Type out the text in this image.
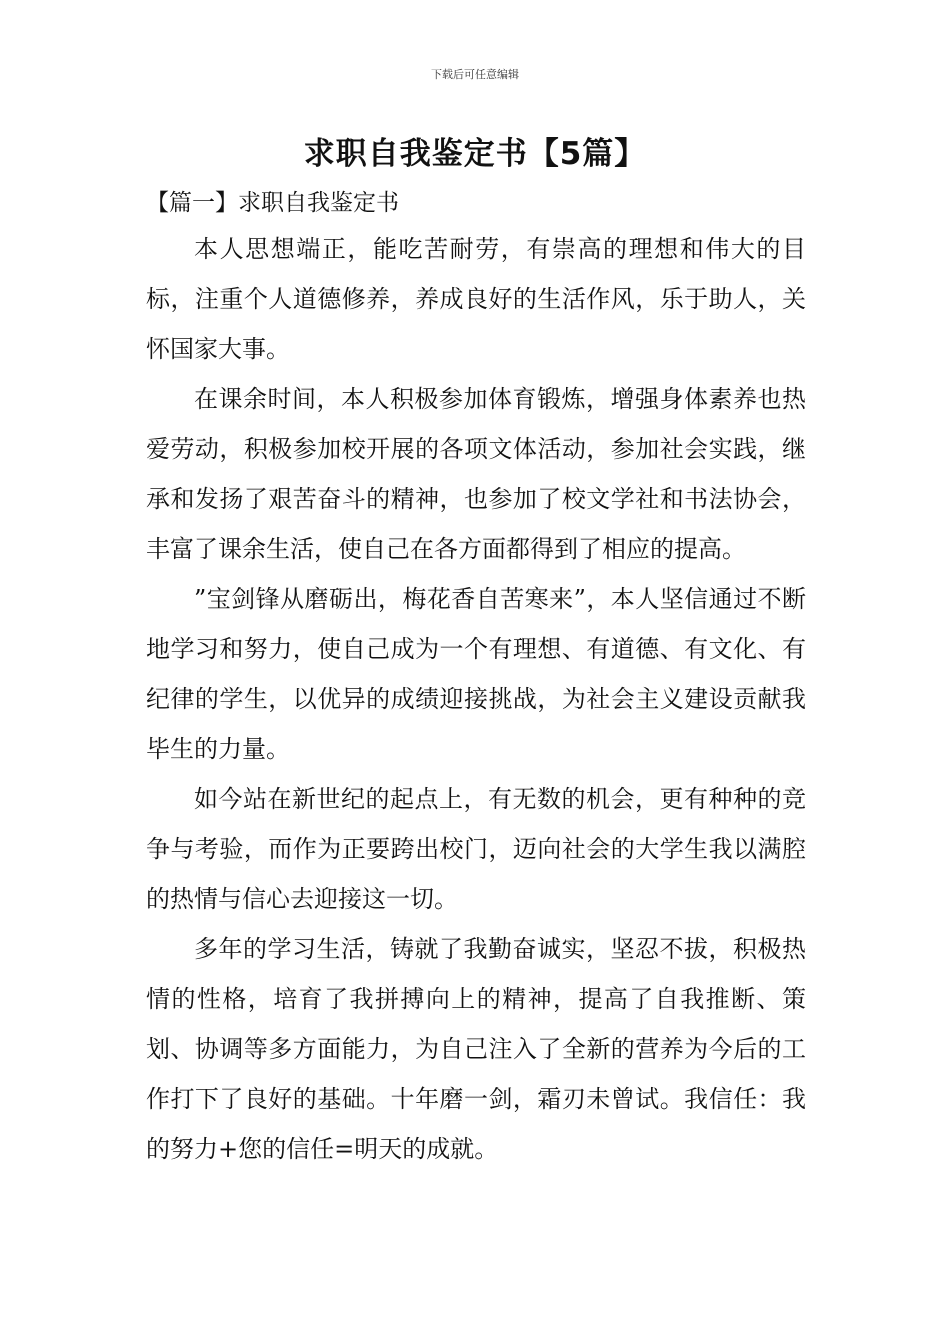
下载后可任意编辑
求职自我鉴定书【5篇】
【篇一】求职自我鉴定书

本人思想端正，能吃苦耐劳，有崇高的理想和伟大的目标，注重个人道德修养，养成良好的生活作风，乐于助人，关怀国家大事。

在课余时间，本人积极参加体育锻炼，增强身体素养也热爱劳动，积极参加校开展的各项文体活动，参加社会实践，继承和发扬了艰苦奋斗的精神，也参加了校文学社和书法协会，丰富了课余生活，使自己在各方面都得到了相应的提高。

”宝剑锋从磨砺出，梅花香自苦寒来”，本人坚信通过不断地学习和努力，使自己成为一个有理想、有道德、有文化、有纪律的学生，以优异的成绩迎接挑战，为社会主义建设贡献我毕生的力量。

如今站在新世纪的起点上，有无数的机会，更有种种的竞争与考验，而作为正要跨出校门，迈向社会的大学生我以满腔的热情与信心去迎接这一切。

多年的学习生活，铸就了我勤奋诚实，坚忍不拔，积极热情的性格，培育了我拼搏向上的精神，提高了自我推断、策划、协调等多方面能力，为自己注入了全新的营养为今后的工作打下了良好的基础。十年磨一剑，霜刃未曾试。我信任：我的努力+您的信任=明天的成就。
